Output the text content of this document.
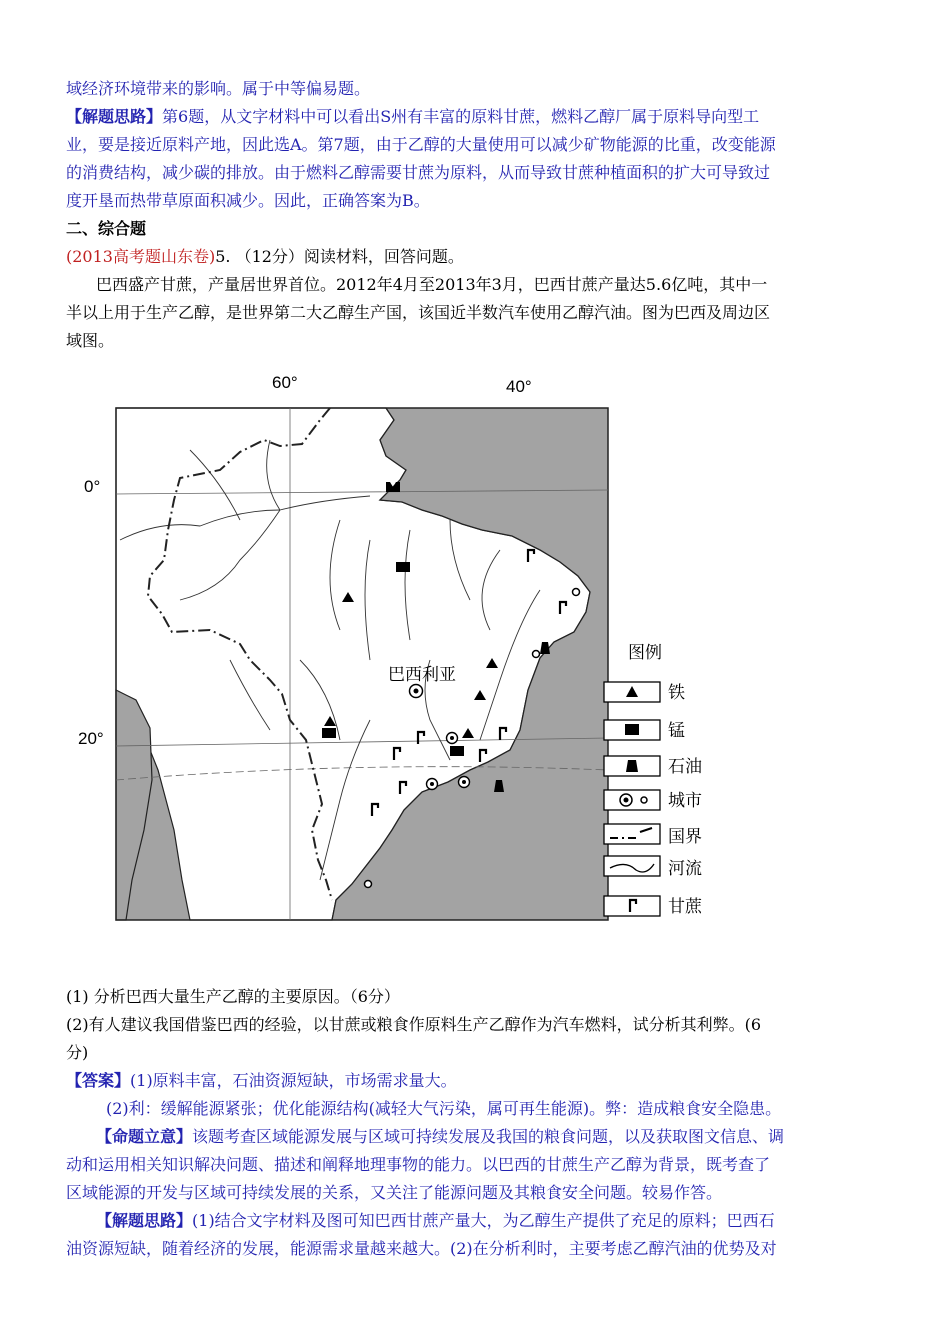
域经济环境带来的影响。属于中等偏易题。
【解题思路】第6题，从文字材料中可以看出S州有丰富的原料甘蔗，燃料乙醇厂属于原料导向型工
业，要是接近原料产地，因此选A。第7题，由于乙醇的大量使用可以减少矿物能源的比重，改变能源
的消费结构，减少碳的排放。由于燃料乙醇需要甘蔗为原料，从而导致甘蔗种植面积的扩大可导致过
度开垦而热带草原面积减少。因此，正确答案为B。
二、综合题
(2013高考题山东卷)5. （12分）阅读材料，回答问题。
巴西盛产甘蔗，产量居世界首位。2012年4月至2013年3月，巴西甘蔗产量达5.6亿吨，其中一
半以上用于生产乙醇，是世界第二大乙醇生产国，该国近半数汽车使用乙醇汽油。图为巴西及周边区
域图。
60°	40°
0°
20°
巴西利亚
图例
铁
锰
石油
城市
国界
河流
甘蔗
(1) 分析巴西大量生产乙醇的主要原因。（6分）
(2)有人建议我国借鉴巴西的经验，以甘蔗或粮食作原料生产乙醇作为汽车燃料，试分析其利弊。(6
分)
【答案】(1)原料丰富，石油资源短缺，市场需求量大。
(2)利：缓解能源紧张；优化能源结构(减轻大气污染，属可再生能源)。弊：造成粮食安全隐患。
【命题立意】该题考查区域能源发展与区域可持续发展及我国的粮食问题，以及获取图文信息、调
动和运用相关知识解决问题、描述和阐释地理事物的能力。以巴西的甘蔗生产乙醇为背景，既考查了
区域能源的开发与区域可持续发展的关系，又关注了能源问题及其粮食安全问题。较易作答。
【解题思路】(1)结合文字材料及图可知巴西甘蔗产量大，为乙醇生产提供了充足的原料；巴西石
油资源短缺，随着经济的发展，能源需求量越来越大。(2)在分析利时，主要考虑乙醇汽油的优势及对
